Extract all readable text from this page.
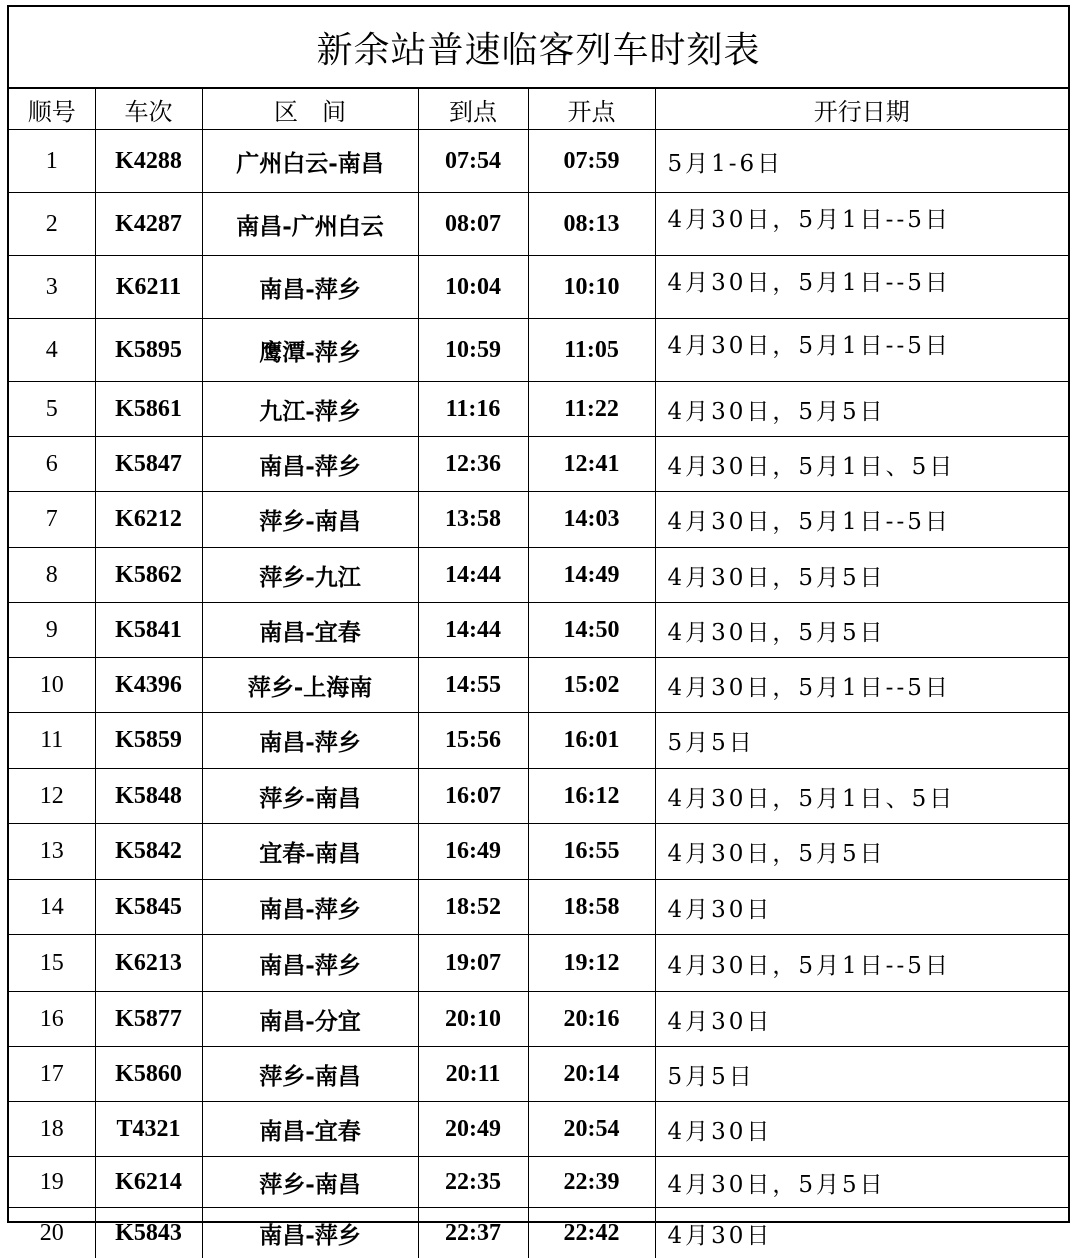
新余站普速临客列车时刻表
顺号	车次	区　间	到点	开点	开行日期
1	K4288	广州白云-南昌	07:54	07:59	5月1-6日
2	K4287	南昌-广州白云	08:07	08:13	4月30日，5月1日--5日
3	K6211	南昌-萍乡	10:04	10:10	4月30日，5月1日--5日
4	K5895	鹰潭-萍乡	10:59	11:05	4月30日，5月1日--5日
5	K5861	九江-萍乡	11:16	11:22	4月30日，5月5日
6	K5847	南昌-萍乡	12:36	12:41	4月30日，5月1日、5日
7	K6212	萍乡-南昌	13:58	14:03	4月30日，5月1日--5日
8	K5862	萍乡-九江	14:44	14:49	4月30日，5月5日
9	K5841	南昌-宜春	14:44	14:50	4月30日，5月5日
10	K4396	萍乡-上海南	14:55	15:02	4月30日，5月1日--5日
11	K5859	南昌-萍乡	15:56	16:01	5月5日
12	K5848	萍乡-南昌	16:07	16:12	4月30日，5月1日、5日
13	K5842	宜春-南昌	16:49	16:55	4月30日，5月5日
14	K5845	南昌-萍乡	18:52	18:58	4月30日
15	K6213	南昌-萍乡	19:07	19:12	4月30日，5月1日--5日
16	K5877	南昌-分宜	20:10	20:16	4月30日
17	K5860	萍乡-南昌	20:11	20:14	5月5日
18	T4321	南昌-宜春	20:49	20:54	4月30日
19	K6214	萍乡-南昌	22:35	22:39	4月30日，5月5日
20	K5843	南昌-萍乡	22:37	22:42	4月30日
